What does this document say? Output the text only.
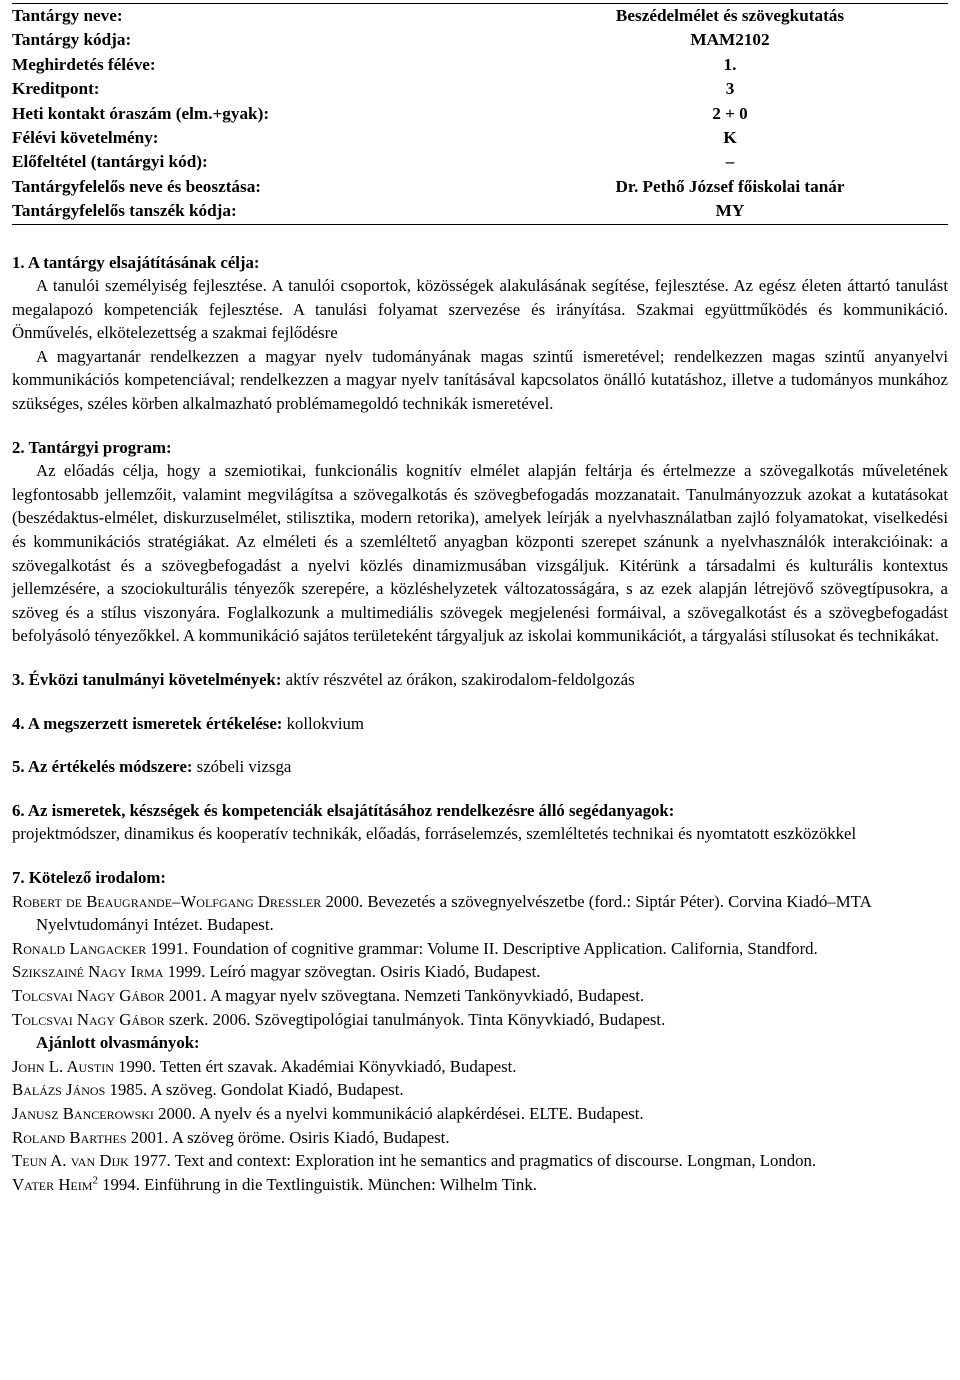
Tantárgy neve:	Beszédelmélet és szövegkutatás
Tantárgy kódja:	MAM2102
Meghirdetés féléve:	1.
Kreditpont:	3
Heti kontakt óraszám (elm.+gyak):	2 + 0
Félévi követelmény:	K
Előfeltétel (tantárgyi kód):	–
Tantárgyfelelős neve és beosztása:	Dr. Pethő József főiskolai tanár
Tantárgyfelelős tanszék kódja:	MY

1. A tantárgy elsajátításának célja:

A tanulói személyiség fejlesztése. A tanulói csoportok, közösségek alakulásának segítése, fejlesztése. Az egész életen áttartó tanulást megalapozó kompetenciák fejlesztése. A tanulási folyamat szervezése és irányítása. Szakmai együttműködés és kommunikáció. Önművelés, elkötelezettség a szakmai fejlődésre

A magyartanár rendelkezzen a magyar nyelv tudományának magas szintű ismeretével; rendelkezzen magas szintű anyanyelvi kommunikációs kompetenciával; rendelkezzen a magyar nyelv tanításával kapcsolatos önálló kutatáshoz, illetve a tudományos munkához szükséges, széles körben alkalmazható problémamegoldó technikák ismeretével.

2. Tantárgyi program:

Az előadás célja, hogy a szemiotikai, funkcionális kognitív elmélet alapján feltárja és értelmezze a szövegalkotás műveletének legfontosabb jellemzőit, valamint megvilágítsa a szövegalkotás és szövegbefogadás mozzanatait. Tanulmányozzuk azokat a kutatásokat (beszédaktus-elmélet, diskurzuselmélet, stilisztika, modern retorika), amelyek leírják a nyelvhasználatban zajló folyamatokat, viselkedési és kommunikációs stratégiákat. Az elméleti és a szemléltető anyagban központi szerepet szánunk a nyelvhasználók interakcióinak: a szövegalkotást és a szövegbefogadást a nyelvi közlés dinamizmusában vizsgáljuk. Kitérünk a társadalmi és kulturális kontextus jellemzésére, a szociokulturális tényezők szerepére, a közléshelyzetek változatosságára, s az ezek alapján létrejövő szövegtípusokra, a szöveg és a stílus viszonyára. Foglalkozunk a multimediális szövegek megjelenési formáival, a szövegalkotást és a szövegbefogadást befolyásoló tényezőkkel. A kommunikáció sajátos területeként tárgyaljuk az iskolai kommunikációt, a tárgyalási stílusokat és technikákat.

3. Évközi tanulmányi követelmények: aktív részvétel az órákon, szakirodalom-feldolgozás

4. A megszerzett ismeretek értékelése: kollokvium

5. Az értékelés módszere: szóbeli vizsga

6. Az ismeretek, készségek és kompetenciák elsajátításához rendelkezésre álló segédanyagok:

projektmódszer, dinamikus és kooperatív technikák, előadás, forráselemzés, szemléltetés technikai és nyomtatott eszközökkel

7. Kötelező irodalom:

Robert de Beaugrande–Wolfgang Dressler 2000. Bevezetés a szövegnyelvészetbe (ford.: Siptár Péter). Corvina Kiadó–MTA Nyelvtudományi Intézet. Budapest.

Ronald Langacker 1991. Foundation of cognitive grammar: Volume II. Descriptive Application. California, Standford.

Szikszainé Nagy Irma 1999. Leíró magyar szövegtan. Osiris Kiadó, Budapest.

Tolcsvai Nagy Gábor 2001. A magyar nyelv szövegtana. Nemzeti Tankönyvkiadó, Budapest.

Tolcsvai Nagy Gábor szerk. 2006. Szövegtipológiai tanulmányok. Tinta Könyvkiadó, Budapest.

Ajánlott olvasmányok:

John L. Austin 1990. Tetten ért szavak. Akadémiai Könyvkiadó, Budapest.

Balázs János 1985. A szöveg. Gondolat Kiadó, Budapest.

Janusz Bancerowski 2000. A nyelv és a nyelvi kommunikáció alapkérdései. ELTE. Budapest.

Roland Barthes 2001. A szöveg öröme. Osiris Kiadó, Budapest.

Teun A. van Dijk 1977. Text and context: Exploration int he semantics and pragmatics of discourse. Longman, London.

Vater Heim$^2$ 1994. Einführung in die Textlinguistik. München: Wilhelm Tink.
